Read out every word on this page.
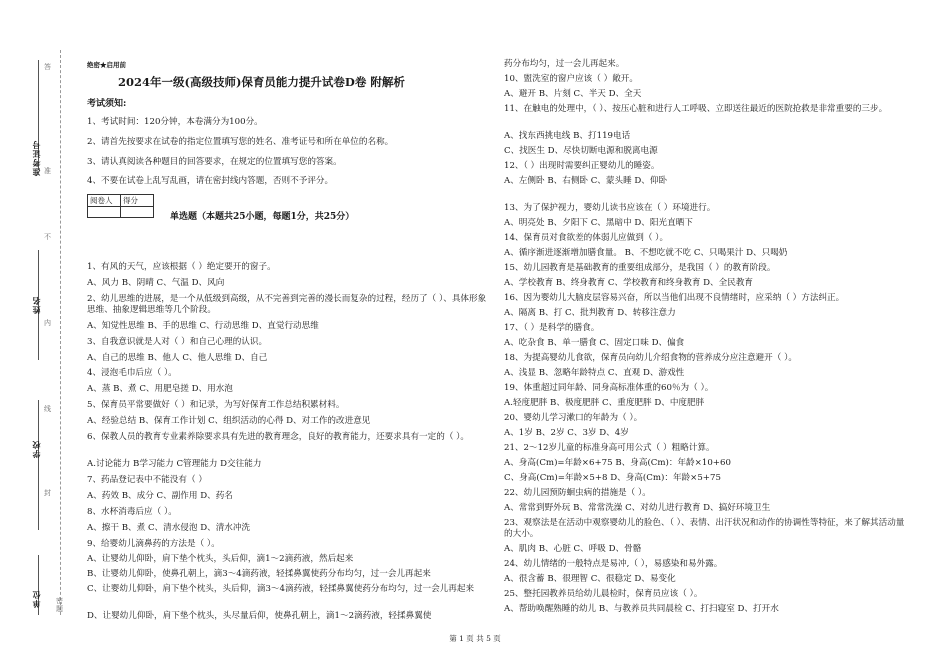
准考证号
姓名
学校
单位 密
封
线
内
不
准
答
题
绝密★启用前
2024年一级(高级技师)保育员能力提升试卷D卷 附解析
考试须知:
1、考试时间：120分钟，本卷满分为100分。
2、请首先按要求在试卷的指定位置填写您的姓名、准考证号和所在单位的名称。
3、请认真阅读各种题目的回答要求，在规定的位置填写您的答案。
4、不要在试卷上乱写乱画，请在密封线内答题，否则不予评分。
阅卷人	得分

单选题（本题共25小题，每题1分，共25分）
1、有风的天气，应该根据（ ）绝定要开的窗子。
A、风力 B、阴晴 C、气温 D、风向
2、幼儿思维的进展，是一个从低级到高级，从不完善到完善的漫长而复杂的过程，经历了（ ）、具体形象思维、抽象逻辑思维等几个阶段。
A、知觉性思维 B、手的思维 C、行动思维 D、直觉行动思维
3、自我意识就是人对（ ）和自己心理的认识。
A、自己的思维 B、他人 C、他人思维 D、自己
4、浸泡毛巾后应（ ）。
A、蒸 B、煮 C、用肥皂搓 D、用水泡
5、保育员平常要做好（ ）和记录，为写好保育工作总结积累材料。
A、经验总结 B、保育工作计划 C、组织活动的心得 D、对工作的改进意见
6、保教人员的教育专业素养除要求具有先进的教育理念，良好的教育能力，还要求具有一定的（ ）。
A.讨论能力 B学习能力 C管理能力 D交往能力
7、药品登记表中不能没有（ ）
A、药效 B、成分 C、副作用 D、药名
8、水杯消毒后应（ ）。
A、擦干 B、煮 C、清水侵泡 D、清水冲洗
9、给婴幼儿滴鼻药的方法是（ ）。
A、让婴幼儿仰卧，肩下垫个枕头，头后仰，滴1～2滴药液，然后起来
B、让婴幼儿仰卧，使鼻孔朝上，滴3～4滴药液，轻揉鼻翼使药分布均匀，过一会儿再起来
C、让婴幼儿仰卧，肩下垫个枕头，头后仰，滴3～4滴药液，轻揉鼻翼使药分布均匀，过一会儿再起来
D、让婴幼儿仰卧，肩下垫个枕头，头尽量后仰，使鼻孔朝上，滴1～2滴药液，轻揉鼻翼使
药分布均匀，过一会儿再起来。
10、盥洗室的窗户应该（ ）敞开。
A、避开 B、片刻 C、半天 D、全天
11、在触电的处理中，（ ）、按压心脏和进行人工呼吸、立即送往最近的医院抢救是非常重要的三步。
A、找东西挑电线 B、打119电话
C、找医生 D、尽快切断电源和脱离电源
12、（ ）出现时需要纠正婴幼儿的睡姿。
A、左侧卧 B、右侧卧 C、蒙头睡 D、仰卧
13、为了保护视力，婴幼儿读书应该在（ ）环境进行。
A、明亮处 B、夕阳下 C、黑暗中 D、阳光直晒下
14、保育员对食欲差的体弱儿应做到（ ）。
A、循序渐进逐渐增加膳食量。 B、不想吃就不吃 C、只喝果汁 D、只喝奶
15、幼儿园教育是基础教育的重要组成部分，是我国（ ）的教育阶段。
A、学校教育 B、终身教育 C、学校教育和终身教育 D、全民教育
16、因为婴幼儿大脑皮层容易兴奋，所以当他们出现不良情绪时，应采纳（ ）方法纠正。
A、隔离 B、打 C、批判教育 D、转移注意力
17、（ ）是科学的膳食。
A、吃杂食 B、单一膳食 C、固定口味 D、偏食
18、为提高婴幼儿食欲，保育员向幼儿介绍食物的营养成分应注意避开（ ）。
A、浅显 B、忽略年龄特点 C、直观 D、游戏性
19、体重超过同年龄、同身高标准体重的60％为（ ）。
A.轻度肥胖 B、极度肥胖 C、重度肥胖 D、中度肥胖
20、婴幼儿学习漱口的年龄为（ ）。
A、1岁 B、2岁 C、3岁 D、4岁
21、2～12岁儿童的标准身高可用公式（ ）粗略计算。
A、身高(Cm)=年龄×6+75 B、身高(Cm)：年龄×10+60
C、身高(Cm)=年龄×5+8 D、身高(Cm)：年龄×5+75
22、幼儿园预防蛔虫病的措施是（ ）。
A、常常到野外玩 B、常常洗澡 C、对幼儿进行教育 D、搞好环境卫生
23、观察法是在活动中观察婴幼儿的脸色、（ ）、表情、出汗状况和动作的协调性等特征，来了解其活动量的大小。
A、肌肉 B、心脏 C、呼吸 D、骨骼
24、幼儿情绪的一般特点是易冲,（ ），易感染和易外露。
A、很含蓄 B、很理智 C、很稳定 D、易变化
25、整托园教养员给幼儿晨检时，保育员应该（ ）。
A、帮助唤醒熟睡的幼儿 B、与教养员共同晨检 C、打扫寝室 D、打开水
第 1 页 共 5 页
